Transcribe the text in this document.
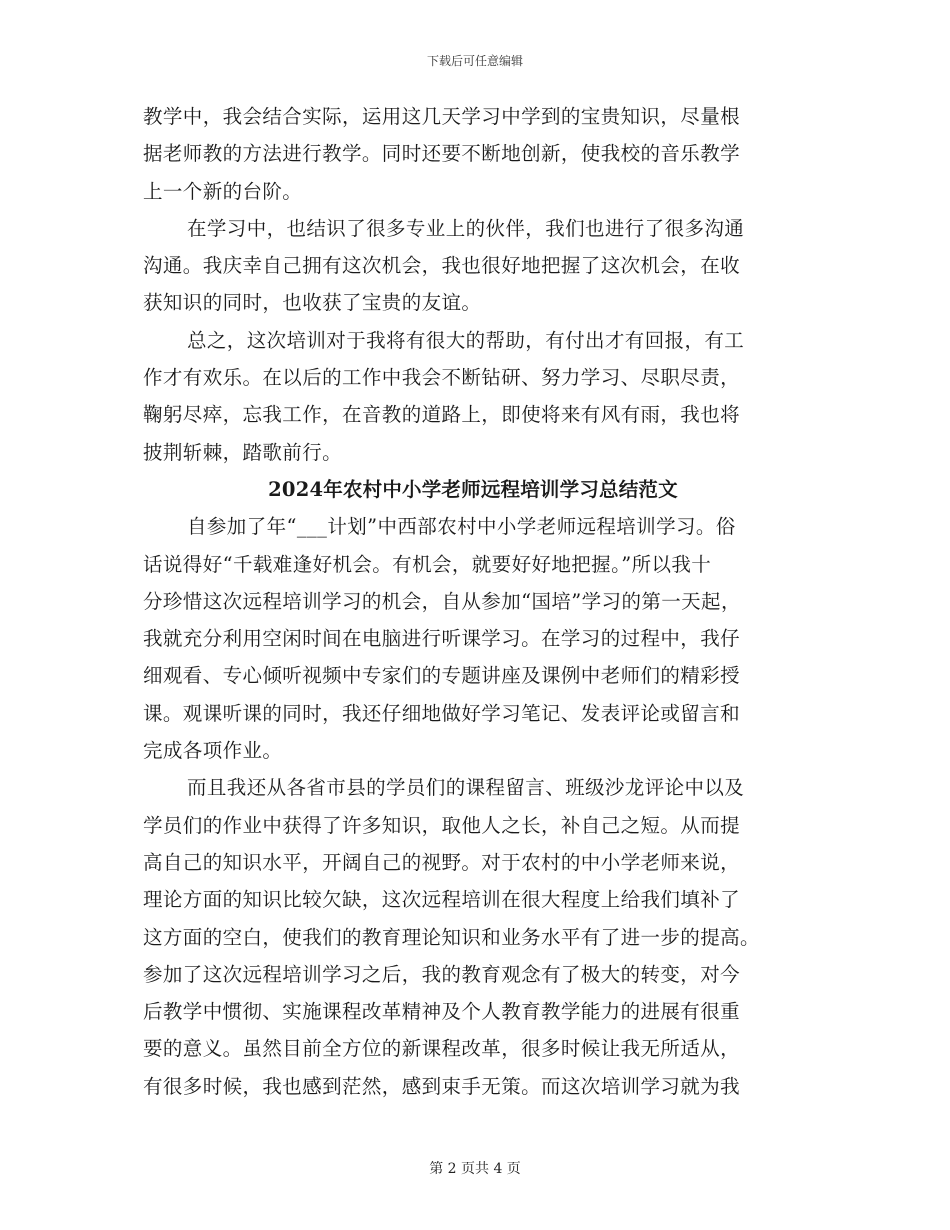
下载后可任意编辑
教学中，我会结合实际，运用这几天学习中学到的宝贵知识，尽量根
据老师教的方法进行教学。同时还要不断地创新，使我校的音乐教学
上一个新的台阶。
在学习中，也结识了很多专业上的伙伴，我们也进行了很多沟通
沟通。我庆幸自己拥有这次机会，我也很好地把握了这次机会，在收
获知识的同时，也收获了宝贵的友谊。
总之，这次培训对于我将有很大的帮助，有付出才有回报，有工
作才有欢乐。在以后的工作中我会不断钻研、努力学习、尽职尽责，
鞠躬尽瘁，忘我工作，在音教的道路上，即使将来有风有雨，我也将
披荆斩棘，踏歌前行。
2024年农村中小学老师远程培训学习总结范文
自参加了年“___计划”中西部农村中小学老师远程培训学习。俗
话说得好“千载难逢好机会。有机会，就要好好地把握。”所以我十
分珍惜这次远程培训学习的机会，自从参加“国培”学习的第一天起，
我就充分利用空闲时间在电脑进行听课学习。在学习的过程中，我仔
细观看、专心倾听视频中专家们的专题讲座及课例中老师们的精彩授
课。观课听课的同时，我还仔细地做好学习笔记、发表评论或留言和
完成各项作业。
而且我还从各省市县的学员们的课程留言、班级沙龙评论中以及
学员们的作业中获得了许多知识，取他人之长，补自己之短。从而提
高自己的知识水平，开阔自己的视野。对于农村的中小学老师来说，
理论方面的知识比较欠缺，这次远程培训在很大程度上给我们填补了
这方面的空白，使我们的教育理论知识和业务水平有了进一步的提高。
参加了这次远程培训学习之后，我的教育观念有了极大的转变，对今
后教学中惯彻、实施课程改革精神及个人教育教学能力的进展有很重
要的意义。虽然目前全方位的新课程改革，很多时候让我无所适从，
有很多时候，我也感到茫然，感到束手无策。而这次培训学习就为我
第 2 页共 4 页
